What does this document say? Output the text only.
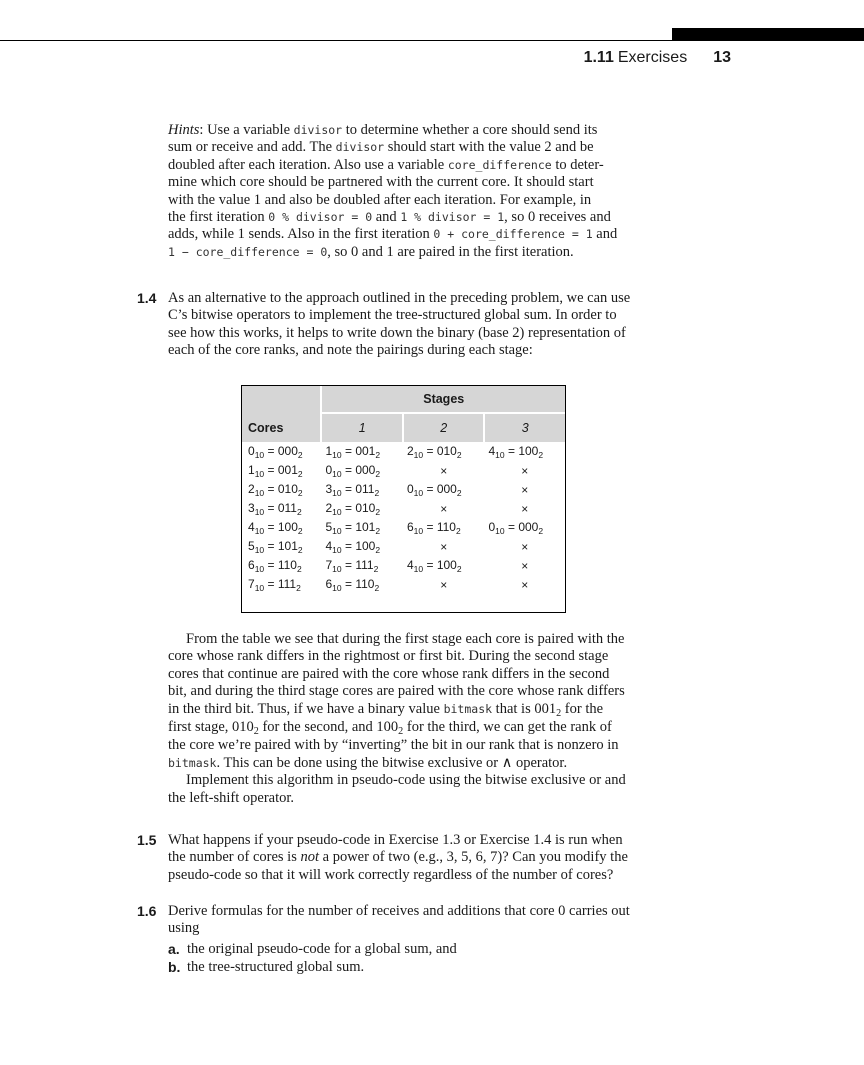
1.11 Exercises 13
Hints: Use a variable divisor to determine whether a core should send its
sum or receive and add. The divisor should start with the value 2 and be
doubled after each iteration. Also use a variable core_difference to deter-
mine which core should be partnered with the current core. It should start
with the value 1 and also be doubled after each iteration. For example, in
the first iteration 0 % divisor = 0 and 1 % divisor = 1, so 0 receives and
adds, while 1 sends. Also in the first iteration 0 + core_difference = 1 and
1 − core_difference = 0, so 0 and 1 are paired in the first iteration.
1.4 As an alternative to the approach outlined in the preceding problem, we can use
C’s bitwise operators to implement the tree-structured global sum. In order to
see how this works, it helps to write down the binary (base 2) representation of
each of the core ranks, and note the pairings during each stage:
	Stages		
Cores	1	2	3
$0_{10} = 000_2$	$1_{10} = 001_2$	$2_{10} = 010_2$	$4_{10} = 100_2$
$1_{10} = 001_2$	$0_{10} = 000_2$	×	×
$2_{10} = 010_2$	$3_{10} = 011_2$	$0_{10} = 000_2$	×
$3_{10} = 011_2$	$2_{10} = 010_2$	×	×
$4_{10} = 100_2$	$5_{10} = 101_2$	$6_{10} = 110_2$	$0_{10} = 000_2$
$5_{10} = 101_2$	$4_{10} = 100_2$	×	×
$6_{10} = 110_2$	$7_{10} = 111_2$	$4_{10} = 100_2$	×
$7_{10} = 111_2$	$6_{10} = 110_2$	×	×
From the table we see that during the first stage each core is paired with the
core whose rank differs in the rightmost or first bit. During the second stage
cores that continue are paired with the core whose rank differs in the second
bit, and during the third stage cores are paired with the core whose rank differs
in the third bit. Thus, if we have a binary value bitmask that is $001_2$ for the
first stage, $010_2$ for the second, and $100_2$ for the third, we can get the rank of
the core we’re paired with by “inverting” the bit in our rank that is nonzero in
bitmask. This can be done using the bitwise exclusive or ∧ operator.
Implement this algorithm in pseudo-code using the bitwise exclusive or and
the left-shift operator.
1.5 What happens if your pseudo-code in Exercise 1.3 or Exercise 1.4 is run when
the number of cores is not a power of two (e.g., 3, 5, 6, 7)? Can you modify the
pseudo-code so that it will work correctly regardless of the number of cores?
1.6 Derive formulas for the number of receives and additions that core 0 carries out
using
a. the original pseudo-code for a global sum, and
b. the tree-structured global sum.
